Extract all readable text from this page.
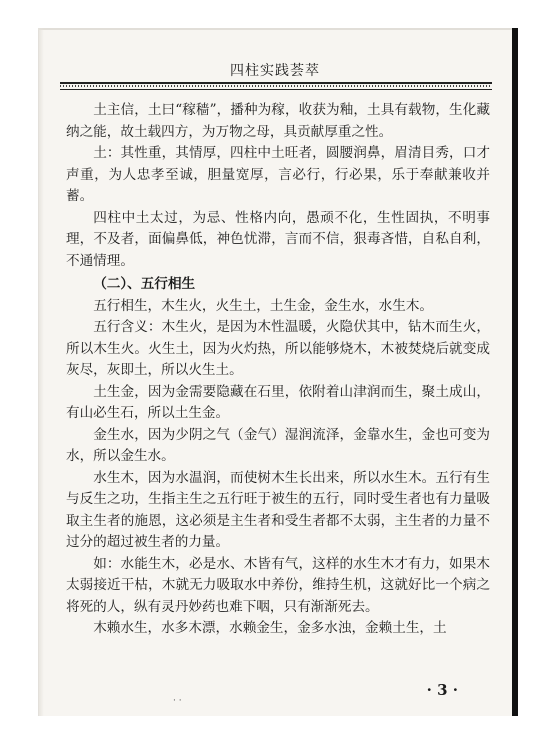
四柱实践荟萃

土主信，土曰“稼穑”，播种为稼，收获为釉，土具有载物，生化藏纳之能，故土载四方，为万物之母，具贡献厚重之性。

土：其性重，其情厚，四柱中土旺者，圆腰润鼻，眉清目秀，口才声重，为人忠孝至诚，胆量宽厚，言必行，行必果，乐于奉献兼收并蓄。

四柱中土太过，为忌、性格内向，愚顽不化，生性固执，不明事理，不及者，面偏鼻低，神色忧滞，言而不信，狠毒吝惜，自私自利，不通情理。

（二）、五行相生

五行相生，木生火，火生土，土生金，金生水，水生木。

五行含义：木生火，是因为木性温暖，火隐伏其中，钻木而生火，所以木生火。火生土，因为火灼热，所以能够烧木，木被焚烧后就变成灰尽，灰即土，所以火生土。

土生金，因为金需要隐藏在石里，依附着山津润而生，聚土成山，有山必生石，所以土生金。

金生水，因为少阴之气（金气）湿润流泽，金靠水生，金也可变为水，所以金生水。

水生木，因为水温润，而使树木生长出来，所以水生木。五行有生与反生之功，生指主生之五行旺于被生的五行，同时受生者也有力量吸取主生者的施恩，这必须是主生者和受生者都不太弱，主生者的力量不过分的超过被生者的力量。

如：水能生木，必是水、木皆有气，这样的水生木才有力，如果木太弱接近干枯，木就无力吸取水中养份，维持生机，这就好比一个病之将死的人，纵有灵丹妙药也难下咽，只有渐渐死去。

木赖水生，水多木漂，水赖金生，金多水浊，金赖土生，土

· 3 ·
· ·
